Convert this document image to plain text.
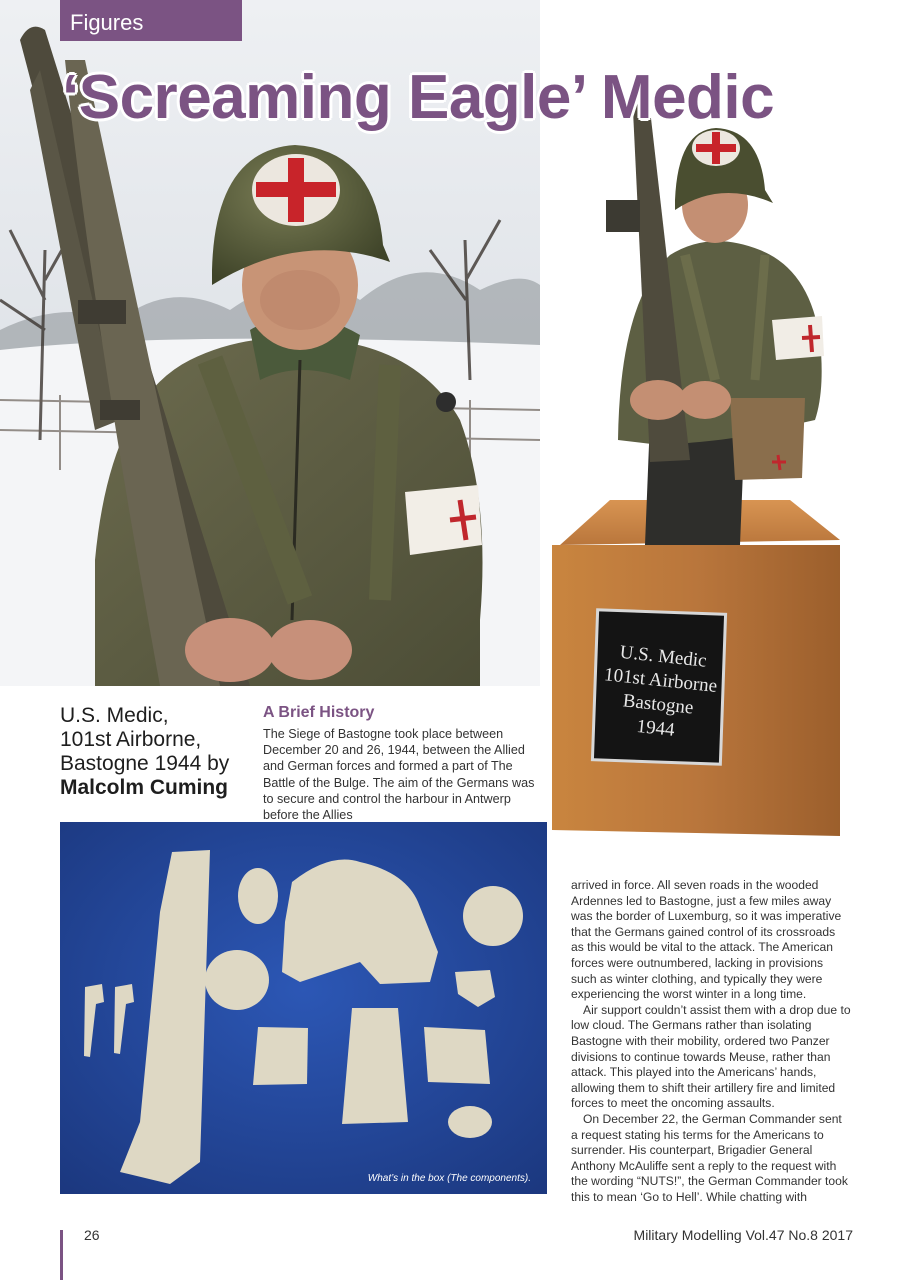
U.S. Medic
101st Airborne
Bastogne
1944
What’s in the box (The components).
Figures
‘Screaming Eagle’ Medic
U.S. Medic,
101st Airborne,
Bastogne 1944 by
Malcolm Cuming
A Brief History
The Siege of Bastogne took place between December 20 and 26, 1944, between the Allied and German forces and formed a part of The Battle of the Bulge. The aim of the Germans was to secure and control the harbour in Antwerp before the Allies

arrived in force. All seven roads in the wooded Ardennes led to Bastogne, just a few miles away was the border of Luxemburg, so it was imperative that the Germans gained control of its crossroads as this would be vital to the attack. The American forces were outnumbered, lacking in provisions such as winter clothing, and typically they were experiencing the worst winter in a long time.

Air support couldn’t assist them with a drop due to low cloud. The Germans rather than isolating Bastogne with their mobility, ordered two Panzer divisions to continue towards Meuse, rather than attack. This played into the Americans’ hands, allowing them to shift their artillery fire and limited forces to meet the oncoming assaults.

On December 22, the German Commander sent a request stating his terms for the Americans to surrender. His counterpart, Brigadier General Anthony McAuliffe sent a reply to the request with the wording “NUTS!”, the German Commander took this to mean ‘Go to Hell’. While chatting with

26	Military Modelling Vol.47 No.8 2017
